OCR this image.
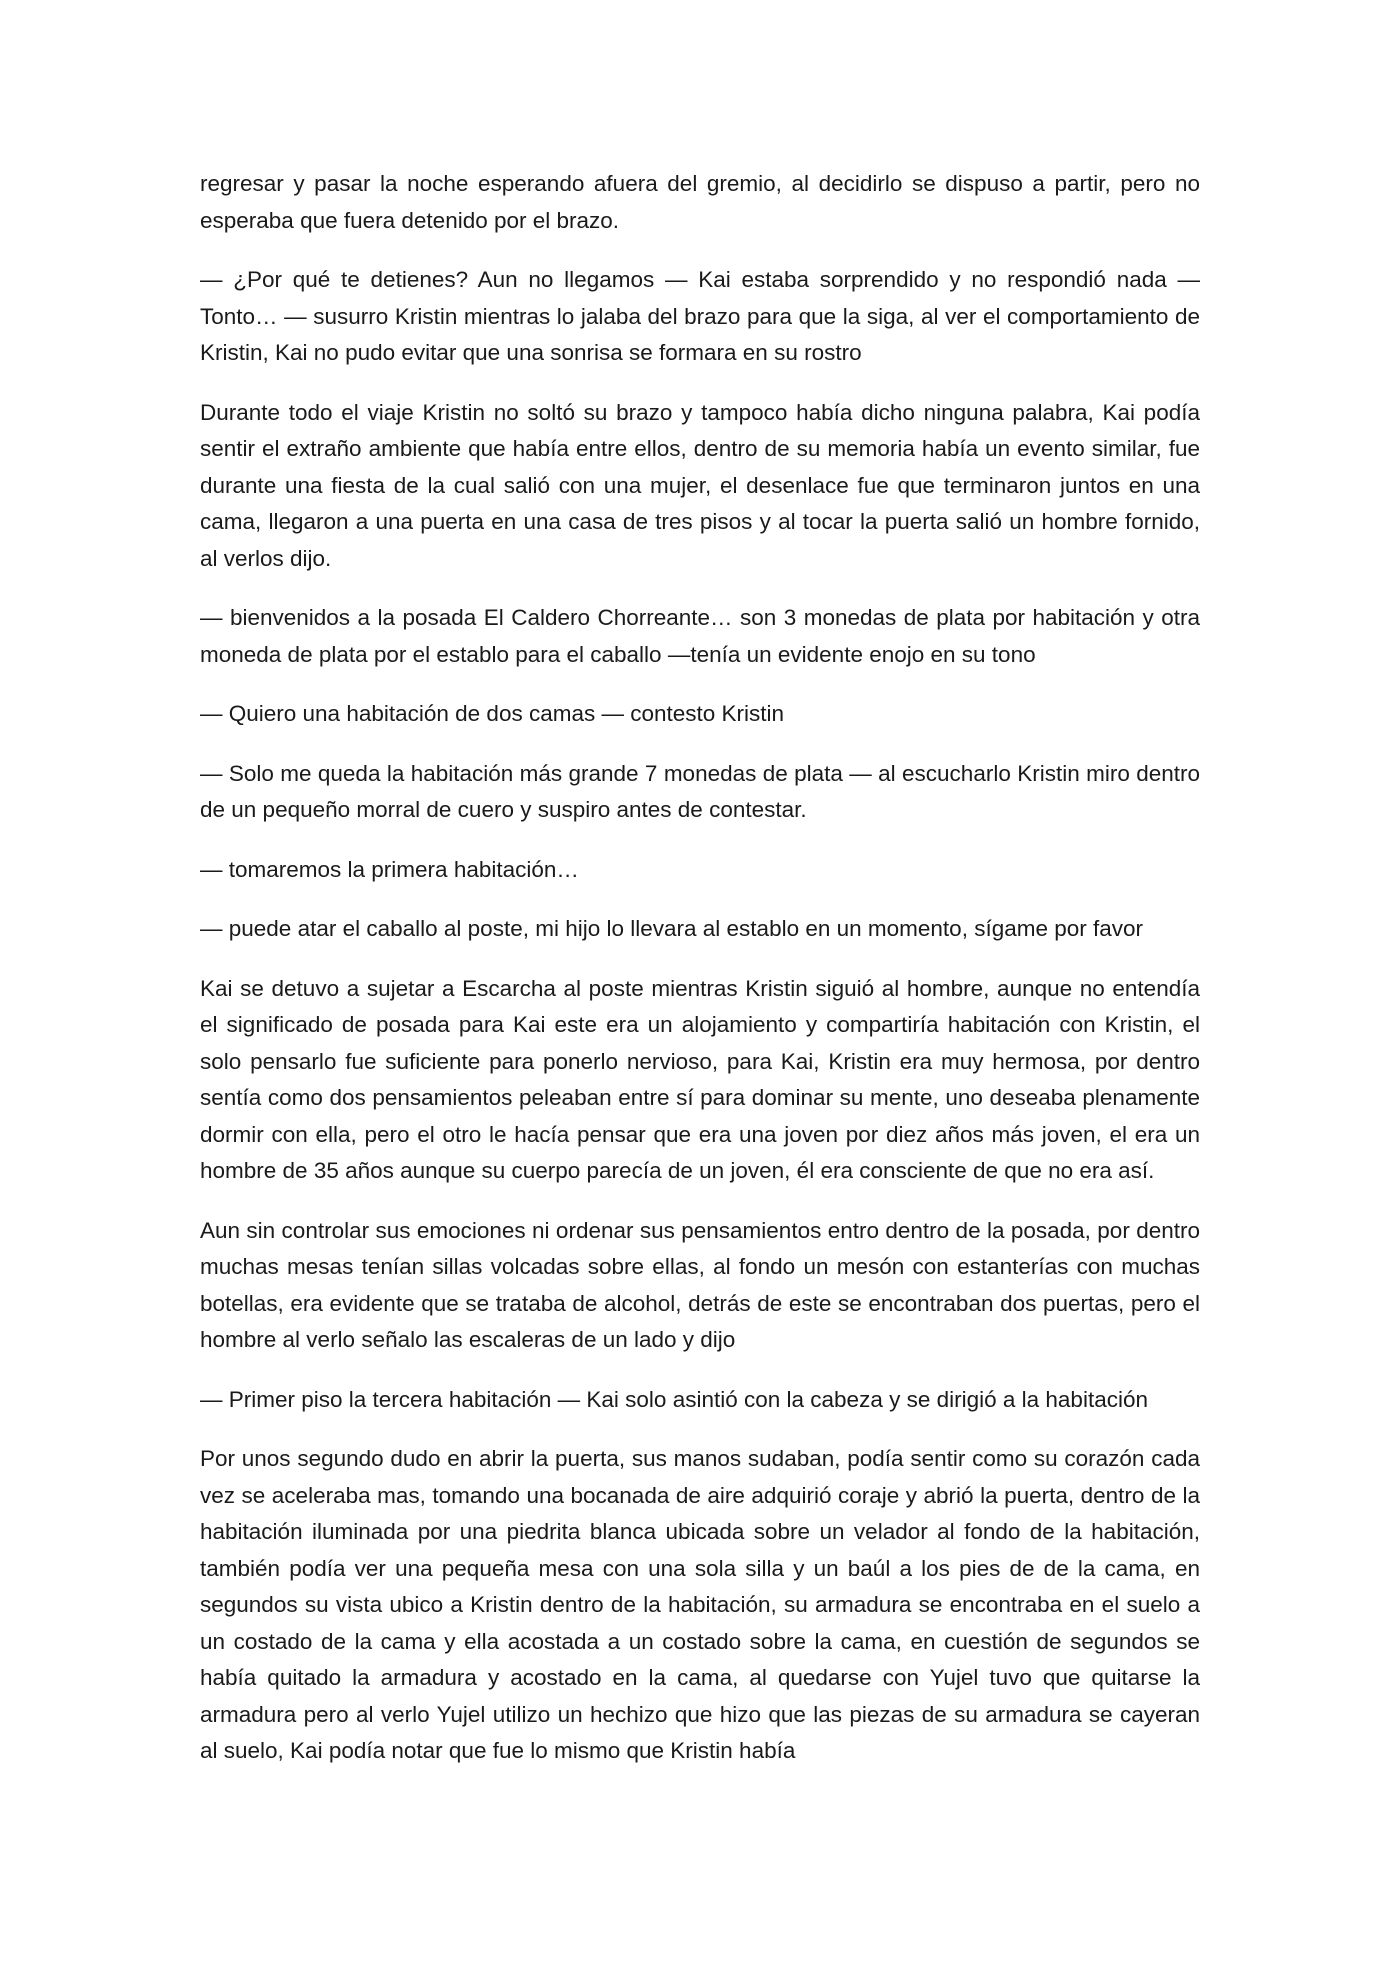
regresar y pasar la noche esperando afuera del gremio, al decidirlo se dispuso a partir, pero no esperaba que fuera detenido por el brazo.

— ¿Por qué te detienes? Aun no llegamos — Kai estaba sorprendido y no respondió nada — Tonto… — susurro Kristin mientras lo jalaba del brazo para que la siga, al ver el comportamiento de Kristin, Kai no pudo evitar que una sonrisa se formara en su rostro

Durante todo el viaje Kristin no soltó su brazo y tampoco había dicho ninguna palabra, Kai podía sentir el extraño ambiente que había entre ellos, dentro de su memoria había un evento similar, fue durante una fiesta de la cual salió con una mujer, el desenlace fue que terminaron juntos en una cama, llegaron a una puerta en una casa de tres pisos y al tocar la puerta salió un hombre fornido, al verlos dijo.

— bienvenidos a la posada El Caldero Chorreante… son 3 monedas de plata por habitación y otra moneda de plata por el establo para el caballo —tenía un evidente enojo en su tono

— Quiero una habitación de dos camas — contesto Kristin

— Solo me queda la habitación más grande 7 monedas de plata — al escucharlo Kristin miro dentro de un pequeño morral de cuero y suspiro antes de contestar.

— tomaremos la primera habitación…

— puede atar el caballo al poste, mi hijo lo llevara al establo en un momento, sígame por favor

Kai se detuvo a sujetar a Escarcha al poste mientras Kristin siguió al hombre, aunque no entendía el significado de posada para Kai este era un alojamiento y compartiría habitación con Kristin, el solo pensarlo fue suficiente para ponerlo nervioso, para Kai, Kristin era muy hermosa, por dentro sentía como dos pensamientos peleaban entre sí para dominar su mente, uno deseaba plenamente dormir con ella, pero el otro le hacía pensar que era una joven por diez años más joven, el era un hombre de 35 años aunque su cuerpo parecía de un joven, él era consciente de que no era así.

Aun sin controlar sus emociones ni ordenar sus pensamientos entro dentro de la posada, por dentro muchas mesas tenían sillas volcadas sobre ellas, al fondo un mesón con estanterías con muchas botellas, era evidente que se trataba de alcohol, detrás de este se encontraban dos puertas, pero el hombre al verlo señalo las escaleras de un lado y dijo

— Primer piso la tercera habitación — Kai solo asintió con la cabeza y se dirigió a la habitación

Por unos segundo dudo en abrir la puerta, sus manos sudaban, podía sentir como su corazón cada vez se aceleraba mas, tomando una bocanada de aire adquirió coraje y abrió la puerta, dentro de la habitación iluminada por una piedrita blanca ubicada sobre un velador al fondo de la habitación, también podía ver una pequeña mesa con una sola silla y un baúl a los pies de de la cama, en segundos su vista ubico a Kristin dentro de la habitación, su armadura se encontraba en el suelo a un costado de la cama y ella acostada a un costado sobre la cama, en cuestión de segundos se había quitado la armadura y acostado en la cama, al quedarse con Yujel tuvo que quitarse la armadura pero al verlo Yujel utilizo un hechizo que hizo que las piezas de su armadura se cayeran al suelo, Kai podía notar que fue lo mismo que Kristin había
